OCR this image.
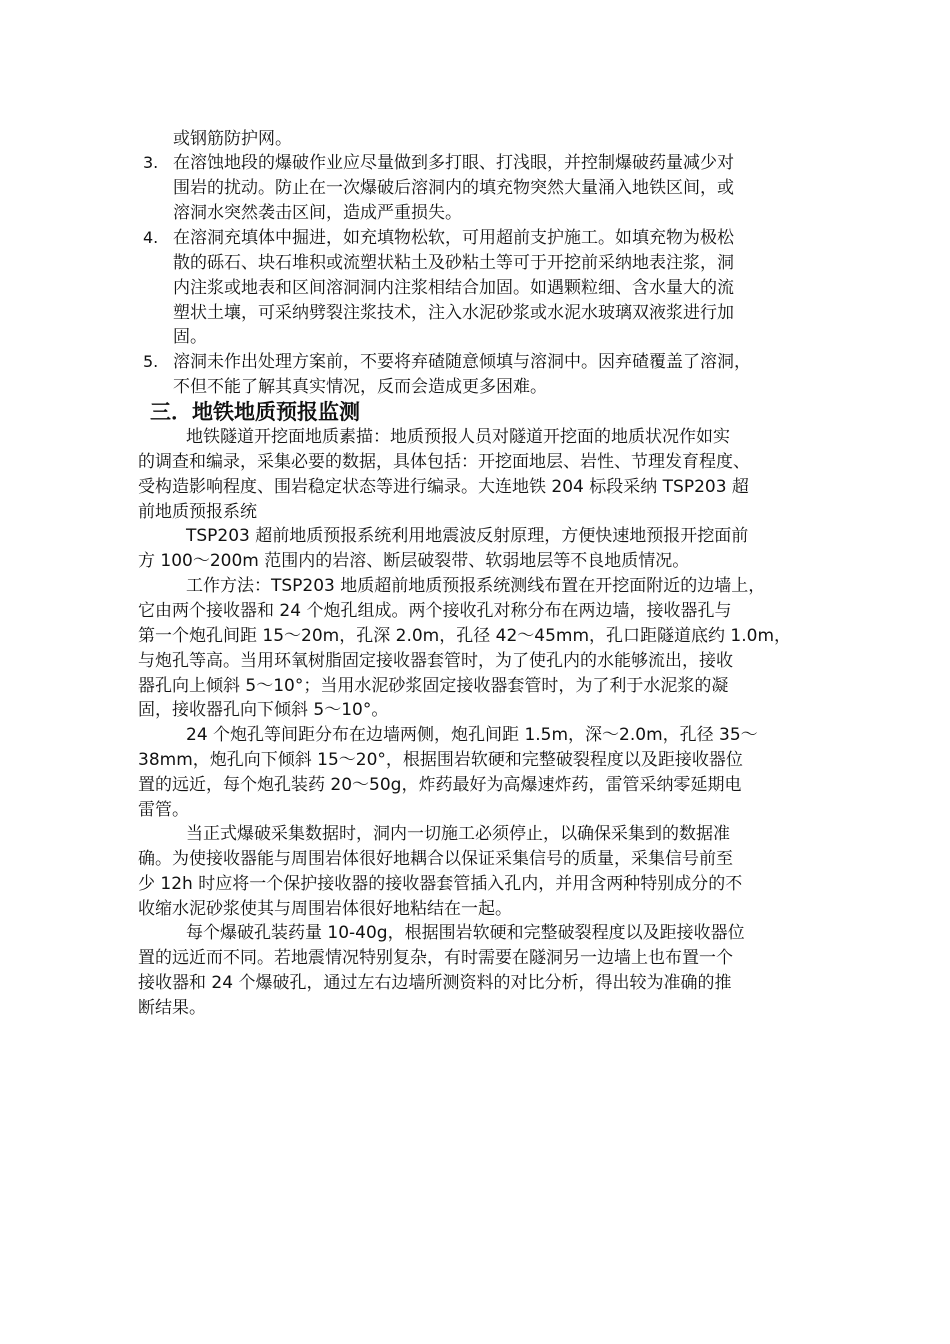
或钢筋防护网。
3. 在溶蚀地段的爆破作业应尽量做到多打眼、打浅眼，并控制爆破药量减少对
围岩的扰动。防止在一次爆破后溶洞内的填充物突然大量涌入地铁区间，或
溶洞水突然袭击区间，造成严重损失。
4. 在溶洞充填体中掘进，如充填物松软，可用超前支护施工。如填充物为极松
散的砾石、块石堆积或流塑状粘土及砂粘土等可于开挖前采纳地表注浆，洞
内注浆或地表和区间溶洞洞内注浆相结合加固。如遇颗粒细、含水量大的流
塑状土壤，可采纳劈裂注浆技术，注入水泥砂浆或水泥水玻璃双液浆进行加
固。
5. 溶洞未作出处理方案前，不要将弃碴随意倾填与溶洞中。因弃碴覆盖了溶洞，
不但不能了解其真实情况，反而会造成更多困难。
三．地铁地质预报监测
地铁隧道开挖面地质素描：地质预报人员对隧道开挖面的地质状况作如实
的调查和编录，采集必要的数据，具体包括：开挖面地层、岩性、节理发育程度、
受构造影响程度、围岩稳定状态等进行编录。大连地铁 204 标段采纳 TSP203 超
前地质预报系统
TSP203 超前地质预报系统利用地震波反射原理，方便快速地预报开挖面前
方 100～200m 范围内的岩溶、断层破裂带、软弱地层等不良地质情况。
工作方法：TSP203 地质超前地质预报系统测线布置在开挖面附近的边墙上，
它由两个接收器和 24 个炮孔组成。两个接收孔对称分布在两边墙，接收器孔与
第一个炮孔间距 15～20m，孔深 2.0m，孔径 42～45mm，孔口距隧道底约 1.0m，
与炮孔等高。当用环氧树脂固定接收器套管时，为了使孔内的水能够流出，接收
器孔向上倾斜 5～10°；当用水泥砂浆固定接收器套管时，为了利于水泥浆的凝
固，接收器孔向下倾斜 5～10°。
24 个炮孔等间距分布在边墙两侧，炮孔间距 1.5m，深～2.0m，孔径 35～
38mm，炮孔向下倾斜 15～20°，根据围岩软硬和完整破裂程度以及距接收器位
置的远近，每个炮孔装药 20～50g，炸药最好为高爆速炸药，雷管采纳零延期电
雷管。
当正式爆破采集数据时，洞内一切施工必须停止，以确保采集到的数据准
确。为使接收器能与周围岩体很好地耦合以保证采集信号的质量，采集信号前至
少 12h 时应将一个保护接收器的接收器套管插入孔内，并用含两种特别成分的不
收缩水泥砂浆使其与周围岩体很好地粘结在一起。
每个爆破孔装药量 10-40g，根据围岩软硬和完整破裂程度以及距接收器位
置的远近而不同。若地震情况特别复杂，有时需要在隧洞另一边墙上也布置一个
接收器和 24 个爆破孔，通过左右边墙所测资料的对比分析，得出较为准确的推
断结果。
